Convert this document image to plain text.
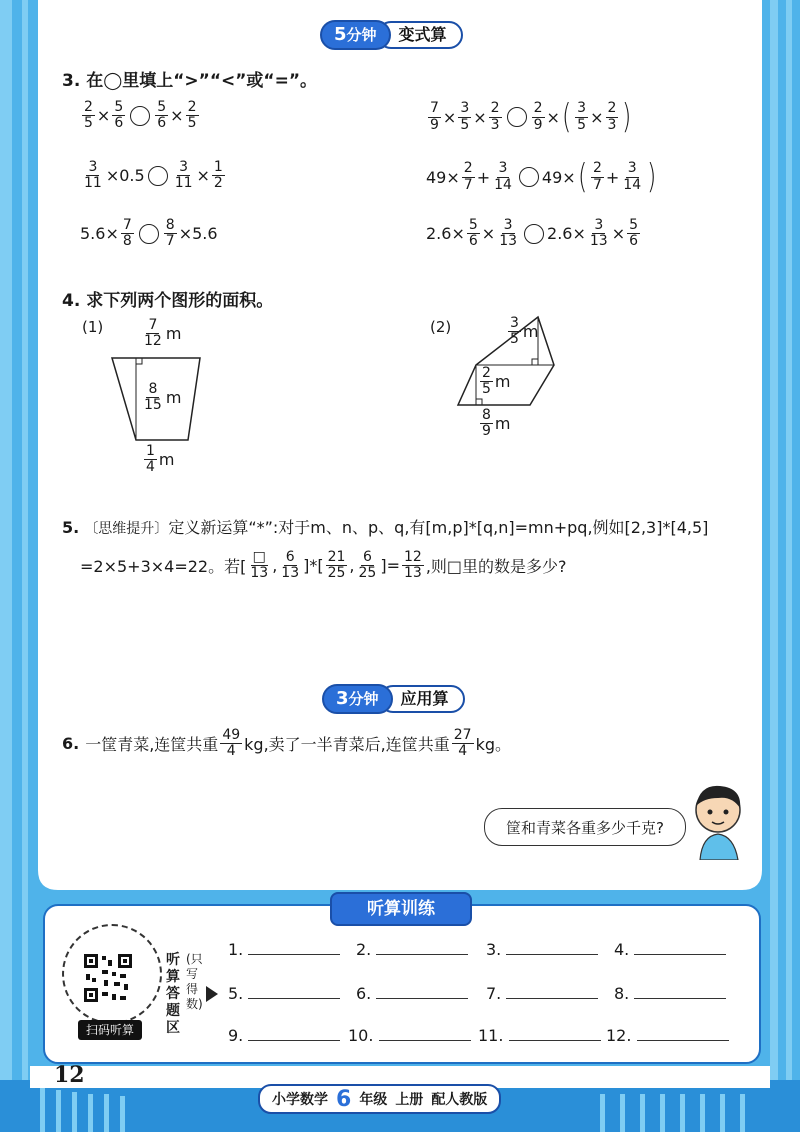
5分钟	变式算
3. 在◯里填上“>”“<”或“=”。
$\frac{2}{5} \times \frac{5}{6} \frac{5}{6} \times \frac{2}{5}$
$\frac{3}{11} \times 0.5 \frac{3}{11} \times \frac{1}{2}$
$5.6\times \frac{7}{8} \frac{8}{7} \times 5.6$
$\frac{7}{9} \times \frac{3}{5} \times \frac{2}{3} \frac{2}{9}$ × ( $\frac{3}{5} \times \frac{2}{3}$ )
$49\times \frac{2}{7} + \frac{3}{14} 49\times$ ( $\frac{2}{7} + \frac{3}{14}$ )
$2.6\times \frac{5}{6} \times \frac{3}{13} 2.6\times \frac{3}{13} \times \frac{5}{6}$
4. 求下列两个图形的面积。
(1)	$\frac{7}{12}$ m
$\frac{8}{15}$ m
$\frac{1}{4}$ m
(2)	$\frac{3}{5}$ m
$\frac{2}{5}$ m
$\frac{8}{9}$ m
5. 〔思维提升〕定义新运算“*”:对于m、n、p、q,有[m,p]*[q,n]=mn+pq,例如[2,3]*[4,5]
=2×5+3×4=22。若[ $\frac{□}{13}$ , $\frac{6}{13}$ ]*[ $\frac{21}{25}$ , $\frac{6}{25}$ ]= $\frac{12}{13}$ ,则□里的数是多少?
3分钟	应用算
6. 一筐青菜,连筐共重 $\frac{49}{4}$ kg,卖了一半青菜后,连筐共重 $\frac{27}{4}$ kg。
筐和青菜各重多少千克?
听算训练
扫码听算
听算答题区
(只写得数)
1.	2.	3.	4.
5.	6.	7.	8.
9.	10.	11.	12.
12
小学数学 6 年级 上册 配人教版
